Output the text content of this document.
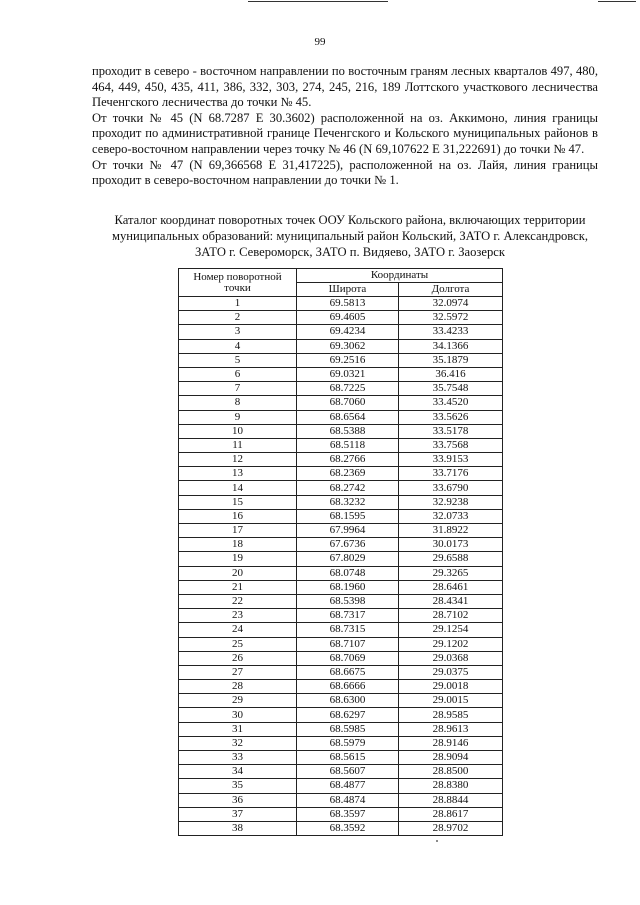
99

проходит в северо - восточном направлении по восточным граням лесных кварталов 497, 480, 464, 449, 450, 435, 411, 386, 332, 303, 274, 245, 216, 189 Лоттского участкового лесничества Печенгского лесничества до точки № 45.

От точки № 45 (N 68.7287 E 30.3602) расположенной на оз. Аккимоно, линия границы проходит по административной границе Печенгского и Кольского муниципальных районов в северо-восточном направлении через точку № 46 (N 69,107622 E 31,222691) до точки № 47.

От точки № 47 (N 69,366568 E 31,417225), расположенной на оз. Лайя, линия границы проходит в северо-восточном направлении до точки № 1.

Каталог координат поворотных точек ООУ Кольского района, включающих территории
муниципальных образований: муниципальный район Кольский, ЗАТО г. Александровск,
ЗАТО г. Североморск, ЗАТО п. Видяево, ЗАТО г. Заозерск
Номер поворотной точки	Координаты	
	Широта	Долгота
1	69.5813	32.0974
2	69.4605	32.5972
3	69.4234	33.4233
4	69.3062	34.1366
5	69.2516	35.1879
6	69.0321	36.416
7	68.7225	35.7548
8	68.7060	33.4520
9	68.6564	33.5626
10	68.5388	33.5178
11	68.5118	33.7568
12	68.2766	33.9153
13	68.2369	33.7176
14	68.2742	33.6790
15	68.3232	32.9238
16	68.1595	32.0733
17	67.9964	31.8922
18	67.6736	30.0173
19	67.8029	29.6588
20	68.0748	29.3265
21	68.1960	28.6461
22	68.5398	28.4341
23	68.7317	28.7102
24	68.7315	29.1254
25	68.7107	29.1202
26	68.7069	29.0368
27	68.6675	29.0375
28	68.6666	29.0018
29	68.6300	29.0015
30	68.6297	28.9585
31	68.5985	28.9613
32	68.5979	28.9146
33	68.5615	28.9094
34	68.5607	28.8500
35	68.4877	28.8380
36	68.4874	28.8844
37	68.3597	28.8617
38	68.3592	28.9702
